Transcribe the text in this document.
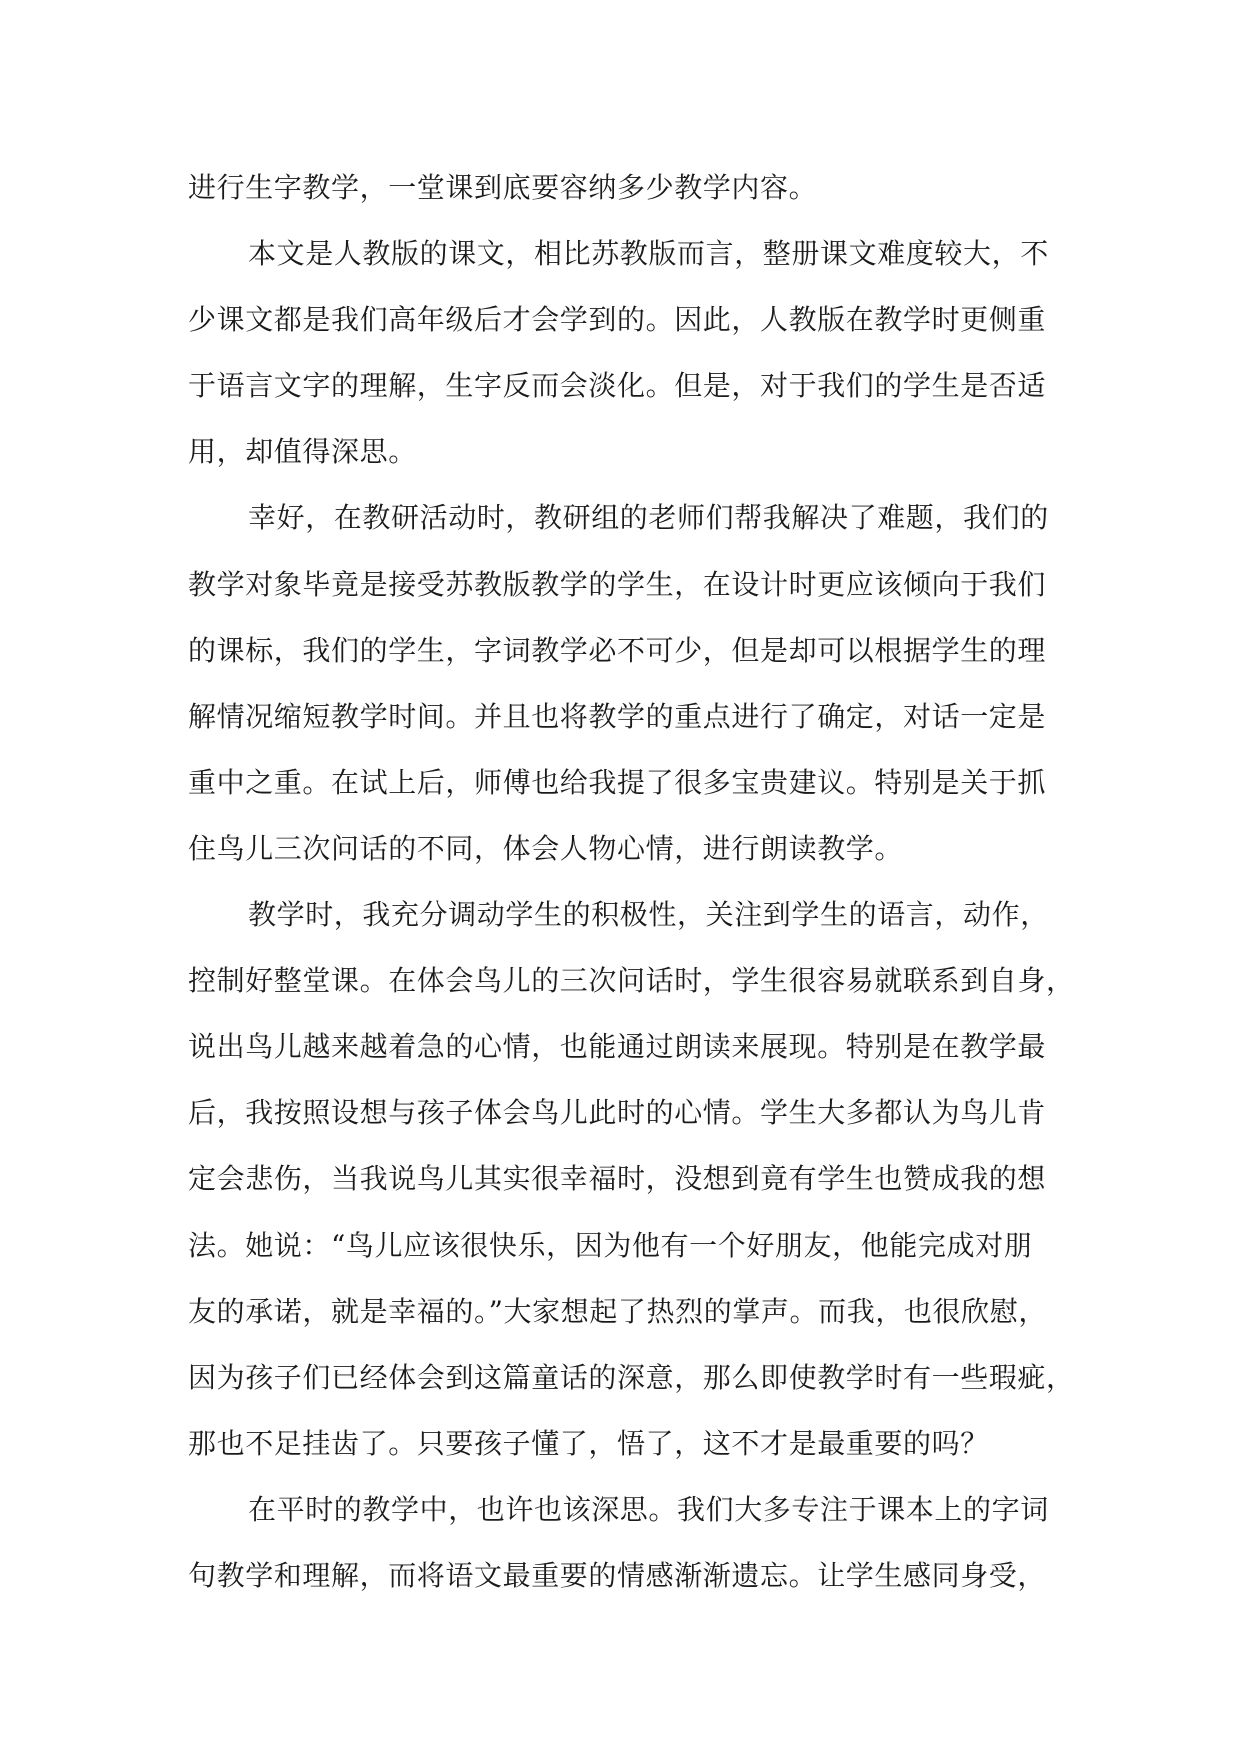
进行生字教学，一堂课到底要容纳多少教学内容。
本文是人教版的课文，相比苏教版而言，整册课文难度较大，不
少课文都是我们高年级后才会学到的。因此，人教版在教学时更侧重
于语言文字的理解，生字反而会淡化。但是，对于我们的学生是否适
用，却值得深思。
幸好，在教研活动时，教研组的老师们帮我解决了难题，我们的
教学对象毕竟是接受苏教版教学的学生，在设计时更应该倾向于我们
的课标，我们的学生，字词教学必不可少，但是却可以根据学生的理
解情况缩短教学时间。并且也将教学的重点进行了确定，对话一定是
重中之重。在试上后，师傅也给我提了很多宝贵建议。特别是关于抓
住鸟儿三次问话的不同，体会人物心情，进行朗读教学。
教学时，我充分调动学生的积极性，关注到学生的语言，动作，
控制好整堂课。在体会鸟儿的三次问话时，学生很容易就联系到自身，
说出鸟儿越来越着急的心情，也能通过朗读来展现。特别是在教学最
后，我按照设想与孩子体会鸟儿此时的心情。学生大多都认为鸟儿肯
定会悲伤，当我说鸟儿其实很幸福时，没想到竟有学生也赞成我的想
法。她说：“鸟儿应该很快乐，因为他有一个好朋友，他能完成对朋
友的承诺，就是幸福的。”大家想起了热烈的掌声。而我，也很欣慰，
因为孩子们已经体会到这篇童话的深意，那么即使教学时有一些瑕疵，
那也不足挂齿了。只要孩子懂了，悟了，这不才是最重要的吗？
在平时的教学中，也许也该深思。我们大多专注于课本上的字词
句教学和理解，而将语文最重要的情感渐渐遗忘。让学生感同身受，
